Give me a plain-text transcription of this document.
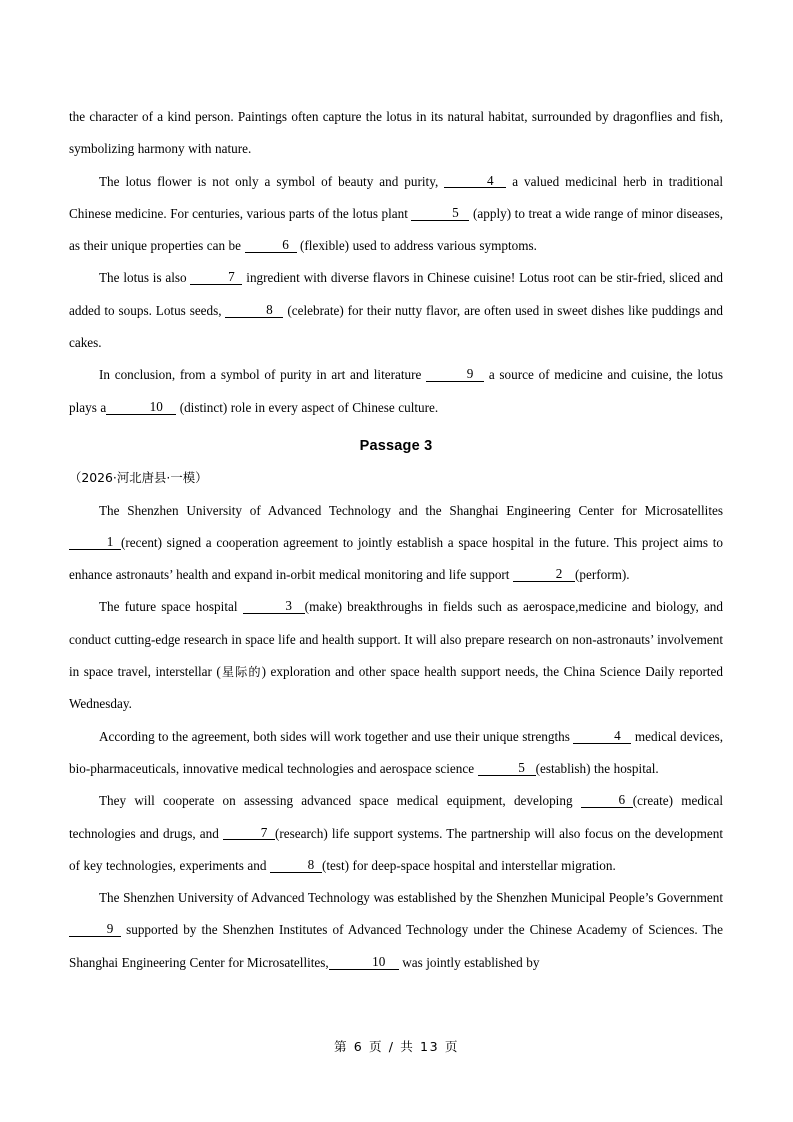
the character of a kind person. Paintings often capture the lotus in its natural habitat, surrounded by dragonflies and fish, symbolizing harmony with nature.

The lotus flower is not only a symbol of beauty and purity,	4 a valued medicinal herb in traditional Chinese medicine. For centuries, various parts of the lotus plant	5 (apply) to treat a wide range of minor diseases, as their unique properties can be	6 (flexible) used to address various symptoms.

The lotus is also	7 ingredient with diverse flavors in Chinese cuisine! Lotus root can be stir-fried, sliced and added to soups. Lotus seeds,	8 (celebrate) for their nutty flavor, are often used in sweet dishes like puddings and cakes.

In conclusion, from a symbol of purity in art and literature	9 a source of medicine and cuisine, the lotus plays a	10 (distinct) role in every aspect of Chinese culture.

Passage 3

（2026·河北唐县·一模）

The Shenzhen University of Advanced Technology and the Shanghai Engineering Center for Microsatellites 1 (recent) signed a cooperation agreement to jointly establish a space hospital in the future. This project aims to enhance astronauts’ health and expand in-orbit medical monitoring and life support	2 (perform).

The future space hospital	3 (make) breakthroughs in fields such as aerospace,medicine and biology, and conduct cutting-edge research in space life and health support. It will also prepare research on non-astronauts’ involvement in space travel, interstellar (星际的) exploration and other space health support needs, the China Science Daily reported Wednesday.

According to the agreement, both sides will work together and use their unique strengths	4 medical devices, bio-pharmaceuticals, innovative medical technologies and aerospace science	5 (establish) the hospital.

They will cooperate on assessing advanced space medical equipment, developing	6 (create) medical technologies and drugs, and	7 (research) life support systems. The partnership will also focus on the development of key technologies, experiments and	8 (test) for deep-space hospital and interstellar migration.

The Shenzhen University of Advanced Technology was established by the Shenzhen Municipal People’s Government 9 supported by the Shenzhen Institutes of Advanced Technology under the Chinese Academy of Sciences. The Shanghai Engineering Center for Microsatellites,	10 was jointly established by

第 6 页 / 共 13 页
